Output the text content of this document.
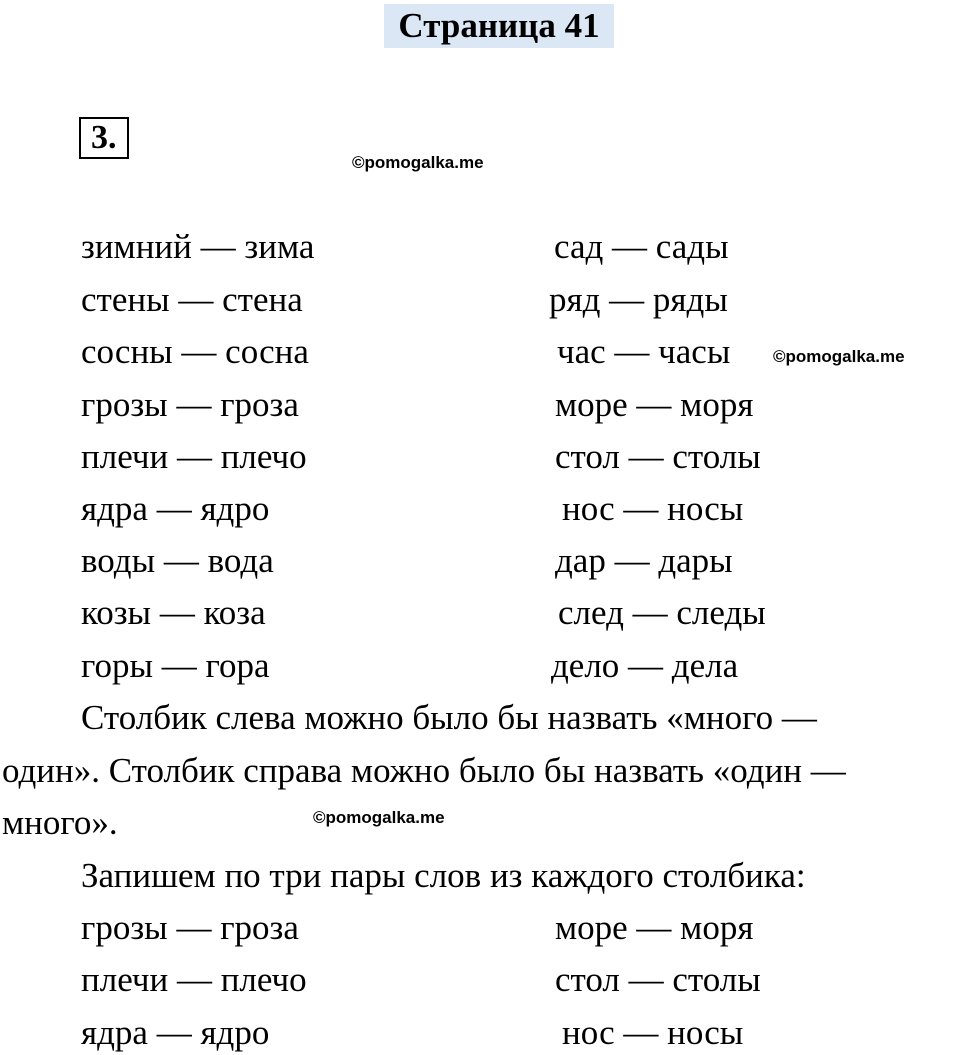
Страница 41
3.
©pomogalka.me
©pomogalka.me
©pomogalka.me
зимний — зима
стены — стена
сосны — сосна
грозы — гроза
плечи — плечо
ядра — ядро
воды — вода
козы — коза
горы — гора
сад — сады
ряд — ряды
час — часы
море — моря
стол — столы
нос — носы
дар — дары
след — следы
дело — дела
Столбик слева можно было бы назвать «много —
один». Столбик справа можно было бы назвать «один —
много».
Запишем по три пары слов из каждого столбика:
грозы — гроза
плечи — плечо
ядра — ядро
море — моря
стол — столы
нос — носы
